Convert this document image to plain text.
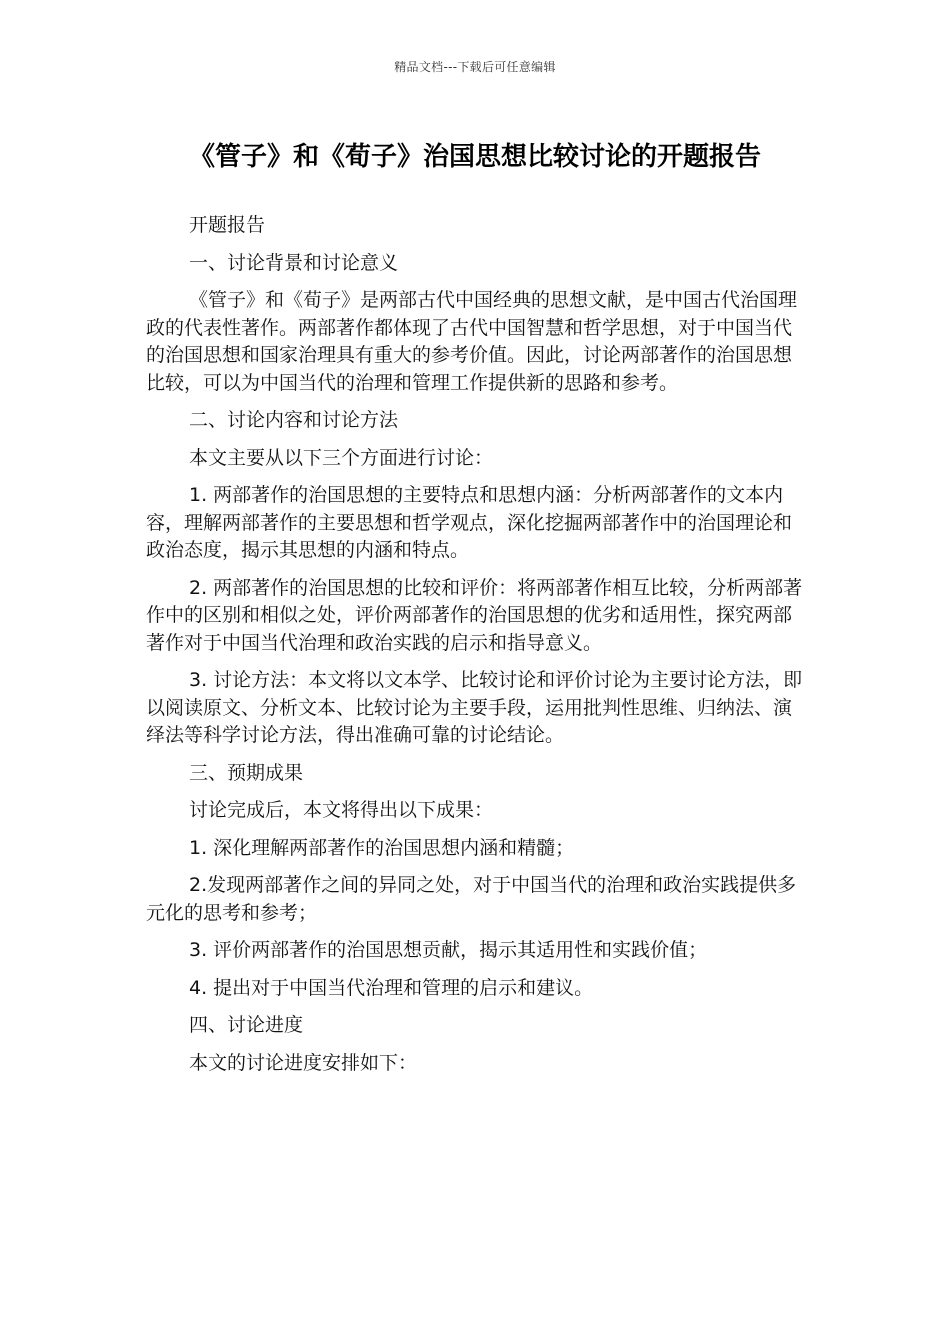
精品文档---下载后可任意编辑
《管子》和《荀子》治国思想比较讨论的开题报告

开题报告

一、讨论背景和讨论意义

《管子》和《荀子》是两部古代中国经典的思想文献，是中国古代治国理政的代表性著作。两部著作都体现了古代中国智慧和哲学思想，对于中国当代的治国思想和国家治理具有重大的参考价值。因此，讨论两部著作的治国思想比较，可以为中国当代的治理和管理工作提供新的思路和参考。

二、讨论内容和讨论方法

本文主要从以下三个方面进行讨论：

1. 两部著作的治国思想的主要特点和思想内涵：分析两部著作的文本内容，理解两部著作的主要思想和哲学观点，深化挖掘两部著作中的治国理论和政治态度，揭示其思想的内涵和特点。

2. 两部著作的治国思想的比较和评价：将两部著作相互比较，分析两部著作中的区别和相似之处，评价两部著作的治国思想的优劣和适用性，探究两部著作对于中国当代治理和政治实践的启示和指导意义。

3. 讨论方法：本文将以文本学、比较讨论和评价讨论为主要讨论方法，即以阅读原文、分析文本、比较讨论为主要手段，运用批判性思维、归纳法、演绎法等科学讨论方法，得出准确可靠的讨论结论。

三、预期成果

讨论完成后，本文将得出以下成果：

1. 深化理解两部著作的治国思想内涵和精髓；

2.发现两部著作之间的异同之处，对于中国当代的治理和政治实践提供多元化的思考和参考；

3. 评价两部著作的治国思想贡献，揭示其适用性和实践价值；

4. 提出对于中国当代治理和管理的启示和建议。

四、讨论进度

本文的讨论进度安排如下：
